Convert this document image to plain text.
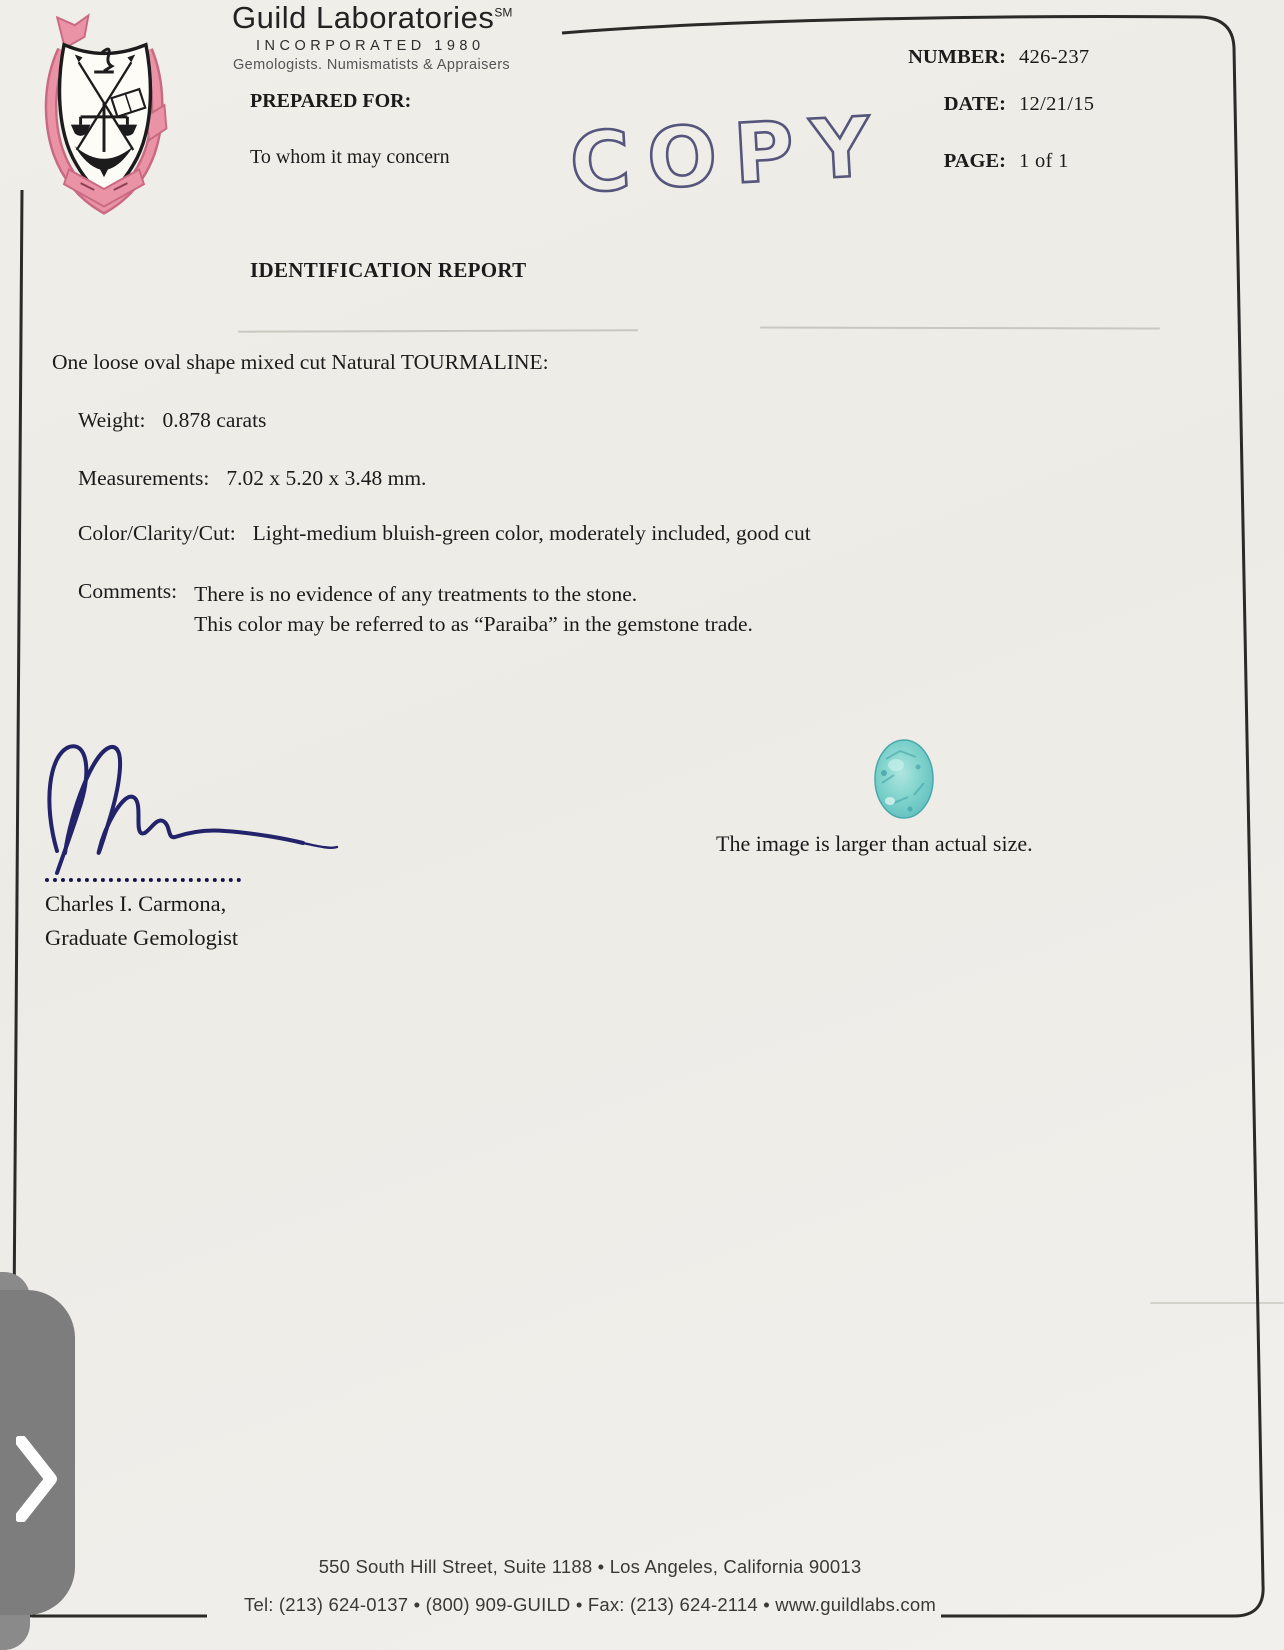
Guild Laboratories℠
INCORPORATED 1980
Gemologists. Numismatists & Appraisers
PREPARED FOR:
To whom it may concern COPY
NUMBER: 426-237
DATE: 12/21/15
PAGE: 1 of 1
IDENTIFICATION REPORT
One loose oval shape mixed cut Natural TOURMALINE:
Weight: 0.878 carats
Measurements: 7.02 x 5.20 x 3.48 mm.
Color/Clarity/Cut: Light-medium bluish-green color, moderately included, good cut
Comments: There is no evidence of any treatments to the stone.
This color may be referred to as “Paraiba” in the gemstone trade.
Charles I. Carmona,
Graduate Gemologist
The image is larger than actual size.
550 South Hill Street, Suite 1188 • Los Angeles, California 90013
Tel: (213) 624-0137 • (800) 909-GUILD • Fax: (213) 624-2114 • www.guildlabs.com
